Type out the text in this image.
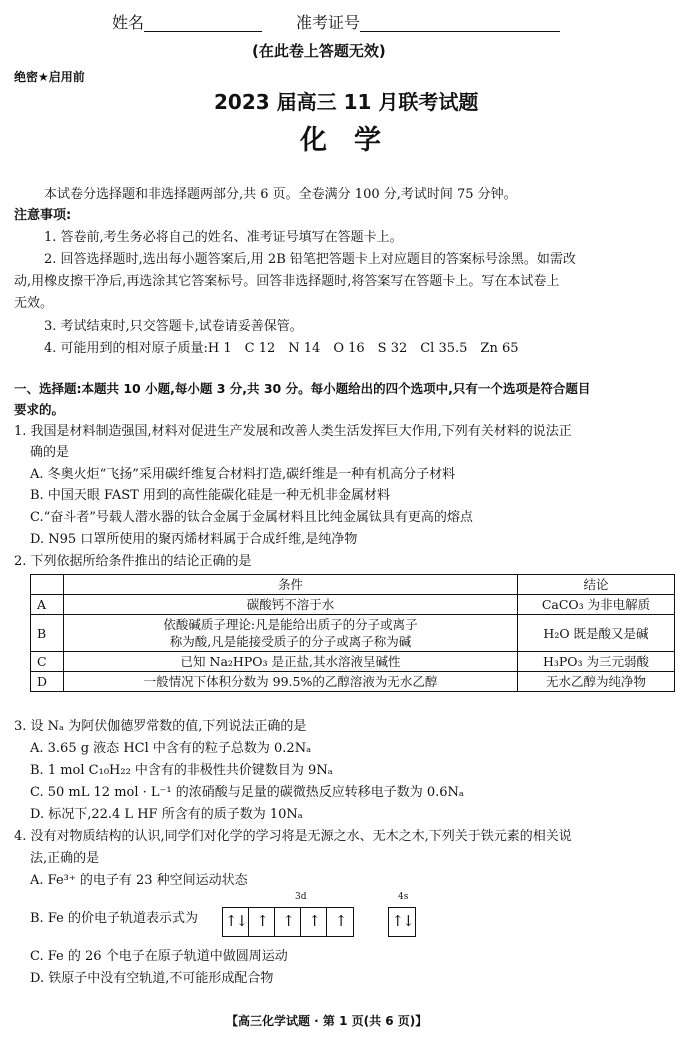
姓名	准考证号
(在此卷上答题无效)
绝密★启用前
2023 届高三 11 月联考试题
化　学
本试卷分选择题和非选择题两部分,共 6 页。全卷满分 100 分,考试时间 75 分钟。
注意事项:
1. 答卷前,考生务必将自己的姓名、准考证号填写在答题卡上。
2. 回答选择题时,选出每小题答案后,用 2B 铅笔把答题卡上对应题目的答案标号涂黑。如需改
动,用橡皮擦干净后,再选涂其它答案标号。回答非选择题时,将答案写在答题卡上。写在本试卷上
无效。
3. 考试结束时,只交答题卡,试卷请妥善保管。
4. 可能用到的相对原子质量:H 1　C 12　N 14　O 16　S 32　Cl 35.5　Zn 65
一、选择题:本题共 10 小题,每小题 3 分,共 30 分。每小题给出的四个选项中,只有一个选项是符合题目
要求的。
1. 我国是材料制造强国,材料对促进生产发展和改善人类生活发挥巨大作用,下列有关材料的说法正
确的是
A. 冬奥火炬“飞扬”采用碳纤维复合材料打造,碳纤维是一种有机高分子材料
B. 中国天眼 FAST 用到的高性能碳化硅是一种无机非金属材料
C.“奋斗者”号载人潜水器的钛合金属于金属材料且比纯金属钛具有更高的熔点
D. N95 口罩所使用的聚丙烯材料属于合成纤维,是纯净物
2. 下列依据所给条件推出的结论正确的是
	条件	结论
A	碳酸钙不溶于水	CaCO₃ 为非电解质
B	依酸碱质子理论:凡是能给出质子的分子或离子
称为酸,凡是能接受质子的分子或离子称为碱	H₂O 既是酸又是碱
C	已知 Na₂HPO₃ 是正盐,其水溶液呈碱性	H₃PO₃ 为三元弱酸
D	一般情况下体积分数为 99.5%的乙醇溶液为无水乙醇	无水乙醇为纯净物
3. 设 Nₐ 为阿伏伽德罗常数的值,下列说法正确的是
A. 3.65 g 液态 HCl 中含有的粒子总数为 0.2Nₐ
B. 1 mol C₁₀H₂₂ 中含有的非极性共价键数目为 9Nₐ
C. 50 mL 12 mol · L⁻¹ 的浓硝酸与足量的碳微热反应转移电子数为 0.6Nₐ
D. 标况下,22.4 L HF 所含有的质子数为 10Nₐ
4. 没有对物质结构的认识,同学们对化学的学习将是无源之水、无木之木,下列关于铁元素的相关说
法,正确的是
A. Fe³⁺ 的电子有 23 种空间运动状态
B. Fe 的价电子轨道表示式为
3d	4s
↑↓ ↑	↑	↑	↑	↑↓
C. Fe 的 26 个电子在原子轨道中做圆周运动
D. 铁原子中没有空轨道,不可能形成配合物
【高三化学试题 · 第 1 页(共 6 页)】
